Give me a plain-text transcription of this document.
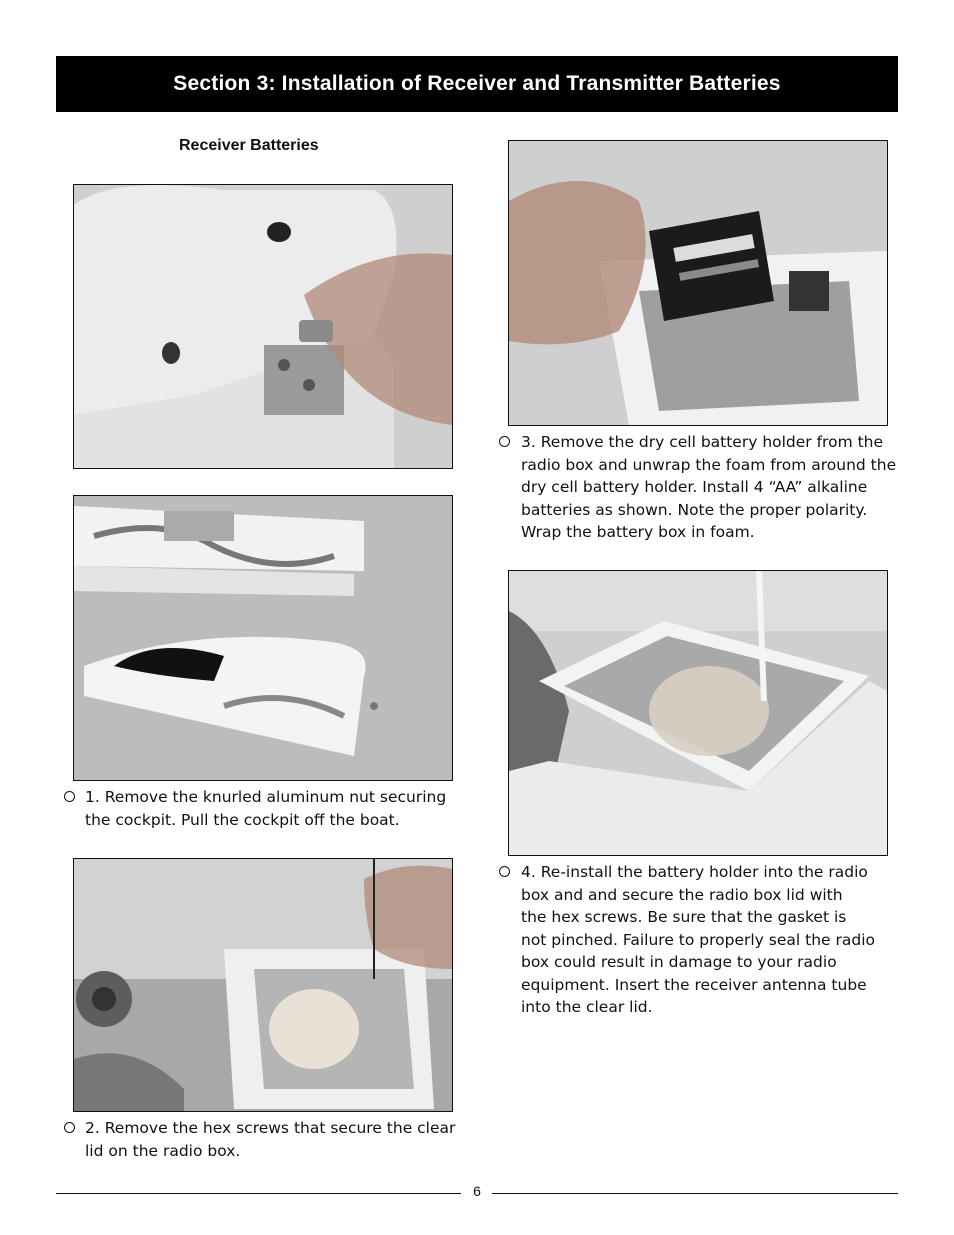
Section 3: Installation of Receiver and Transmitter Batteries
Receiver Batteries
1. Remove the knurled aluminum nut securing
the cockpit. Pull the cockpit off the boat.
2. Remove the hex screws that secure the clear
lid on the radio box.
3. Remove the dry cell battery holder from the
radio box and unwrap the foam from around the
dry cell battery holder. Install 4 “AA” alkaline
batteries as shown. Note the proper polarity.
Wrap the battery box in foam.
4. Re-install the battery holder into the radio
box and and secure the radio box lid with
the hex screws. Be sure that the gasket is
not pinched. Failure to properly seal the radio
box could result in damage to your radio
equipment. Insert the receiver antenna tube
into the clear lid.
6
